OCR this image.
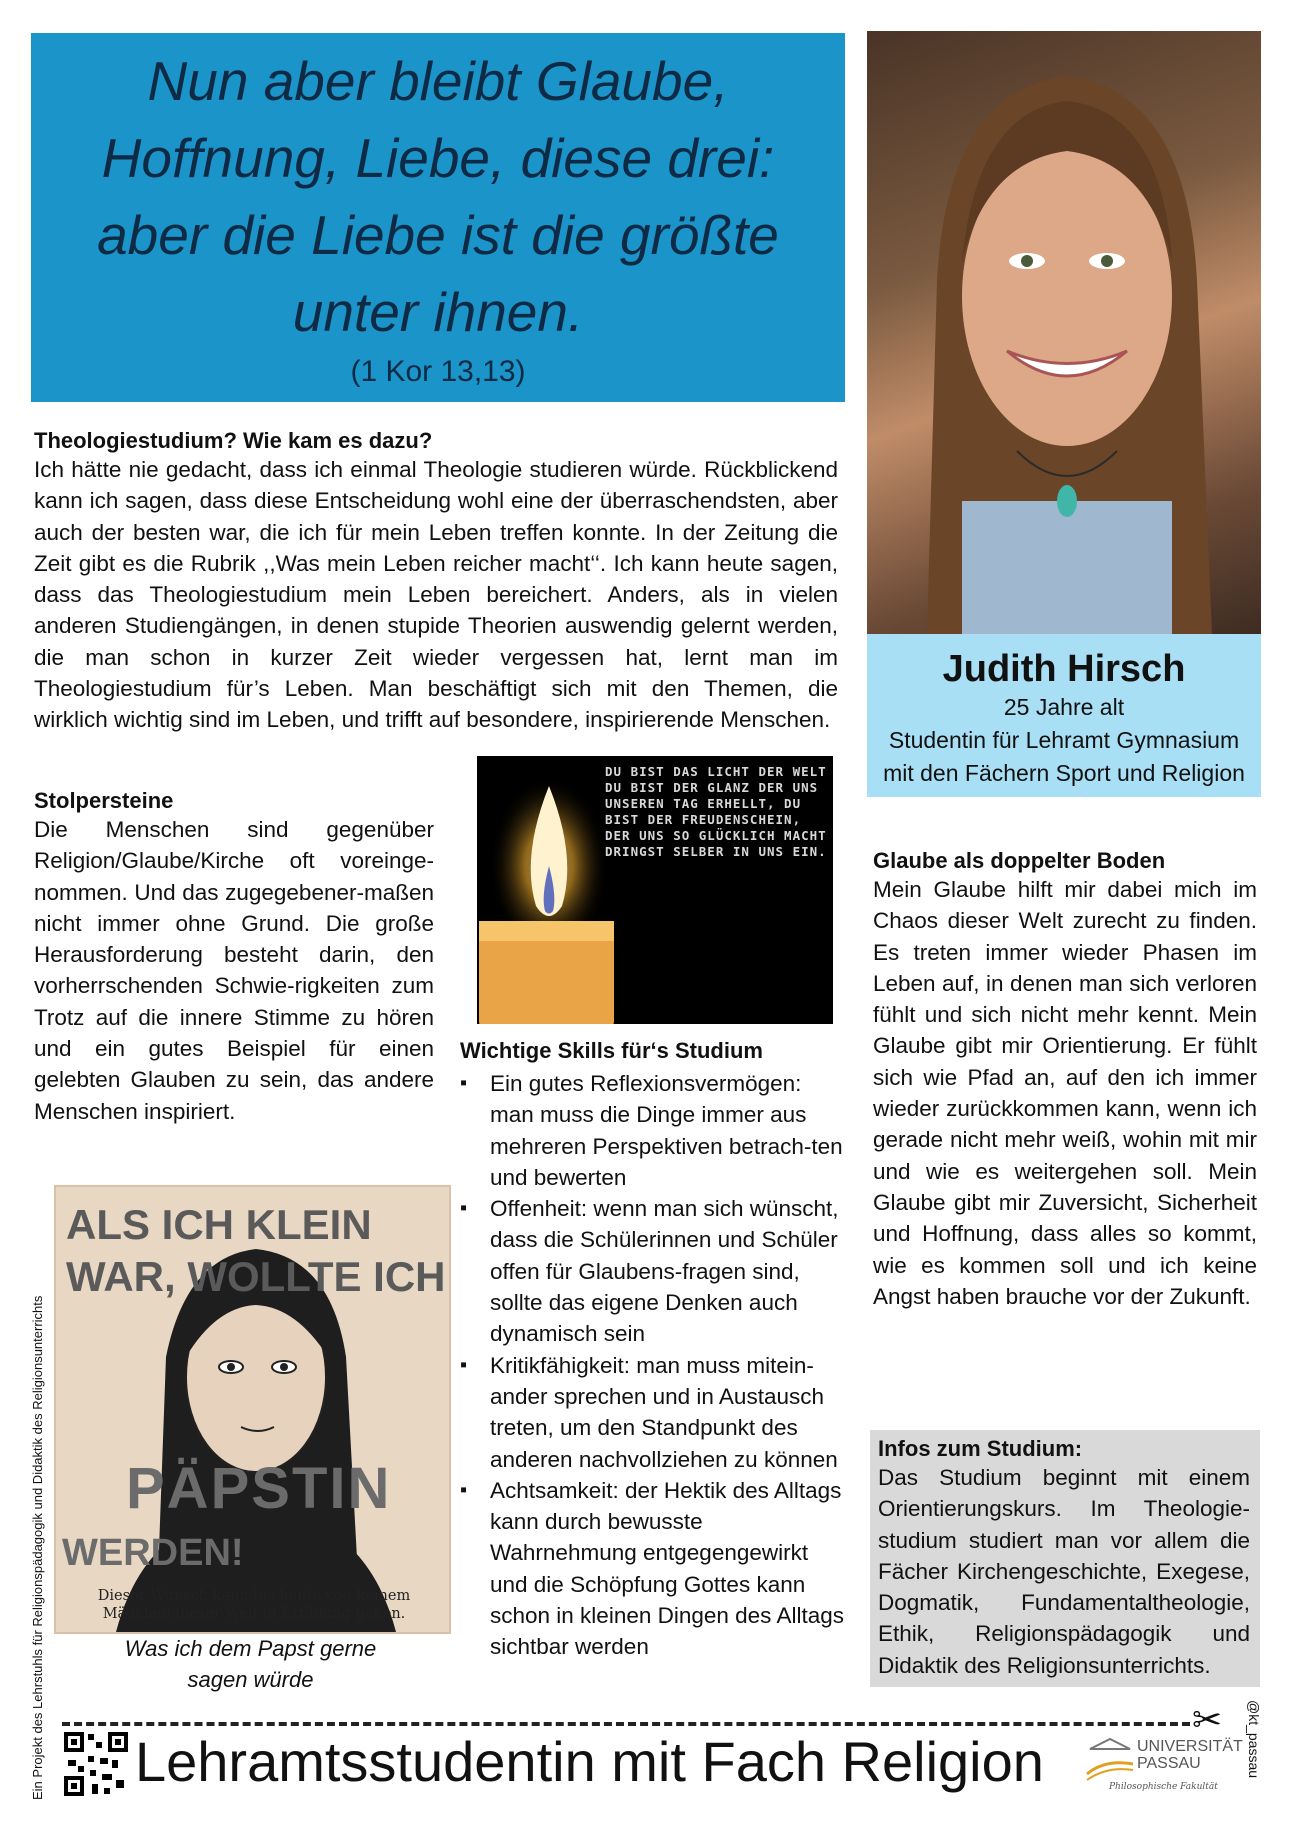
Nun aber bleibt Glaube, Hoffnung, Liebe, diese drei: aber die Liebe ist die größte unter ihnen.
(1 Kor 13,13)
Judith Hirsch
25 Jahre alt
Studentin für Lehramt Gymnasium
mit den Fächern Sport und Religion
Theologiestudium? Wie kam es dazu?
Ich hätte nie gedacht, dass ich einmal Theologie studieren würde. Rückblickend kann ich sagen, dass diese Entscheidung wohl eine der überraschendsten, aber auch der besten war, die ich für mein Leben treffen konnte. In der Zeitung die Zeit gibt es die Rubrik ,,Was mein Leben reicher macht‘‘. Ich kann heute sagen, dass das Theologiestudium mein Leben bereichert. Anders, als in vielen anderen Studiengängen, in denen stupide Theorien auswendig gelernt werden, die man schon in kurzer Zeit wieder vergessen hat, lernt man im Theologiestudium für’s Leben. Man beschäftigt sich mit den Themen, die wirklich wichtig sind im Leben, und trifft auf besondere, inspirierende Menschen.
Stolpersteine
Die Menschen sind gegenüber Religion/Glaube/Kirche oft voreinge-nommen. Und das zugegebener-maßen nicht immer ohne Grund. Die große Herausforderung besteht darin, den vorherrschenden Schwie-rigkeiten zum Trotz auf die innere Stimme zu hören und ein gutes Beispiel für einen gelebten Glauben zu sein, das andere Menschen inspiriert.
DU BIST DAS LICHT DER WELT DU BIST DER GLANZ DER UNS UNSEREN TAG ERHELLT, DU BIST DER FREUDENSCHEIN, DER UNS SO GLÜCKLICH MACHT DRINGST SELBER IN UNS EIN.
ALS ICH KLEIN
WAR, WOLLTE ICH
PÄPSTIN
WERDEN!
Dieser Wunsch kann bis heute von keinem Mädchen dieser Welt in Erfüllung gehen.
Was ich dem Papst gerne
sagen würde
Wichtige Skills für‘s Studium
▪ Ein gutes Reflexionsvermögen: man muss die Dinge immer aus mehreren Perspektiven betrach-ten und bewerten
▪ Offenheit: wenn man sich wünscht, dass die Schülerinnen und Schüler offen für Glaubens-fragen sind, sollte das eigene Denken auch dynamisch sein
▪ Kritikfähigkeit: man muss mitein-ander sprechen und in Austausch treten, um den Standpunkt des anderen nachvollziehen zu können
▪ Achtsamkeit: der Hektik des Alltags kann durch bewusste Wahrnehmung entgegengewirkt und die Schöpfung Gottes kann schon in kleinen Dingen des Alltags sichtbar werden
Glaube als doppelter Boden
Mein Glaube hilft mir dabei mich im Chaos dieser Welt zurecht zu finden. Es treten immer wieder Phasen im Leben auf, in denen man sich verloren fühlt und sich nicht mehr kennt. Mein Glaube gibt mir Orientierung. Er fühlt sich wie Pfad an, auf den ich immer wieder zurückkommen kann, wenn ich gerade nicht mehr weiß, wohin mit mir und wie es weitergehen soll. Mein Glaube gibt mir Zuversicht, Sicherheit und Hoffnung, dass alles so kommt, wie es kommen soll und ich keine Angst haben brauche vor der Zukunft.
Infos zum Studium:
Das Studium beginnt mit einem Orientierungskurs. Im Theologie-studium studiert man vor allem die Fächer Kirchengeschichte, Exegese, Dogmatik, Fundamentaltheologie, Ethik, Religionspädagogik und Didaktik des Religionsunterrichts.
Ein Projekt des Lehrstuhls für Religionspädagogik und Didaktik des Religionsunterrichts	@kt_passau
✂
Lehramtsstudentin mit Fach Religion	UNIVERSITÄT
PASSAU
Philosophische Fakultät
